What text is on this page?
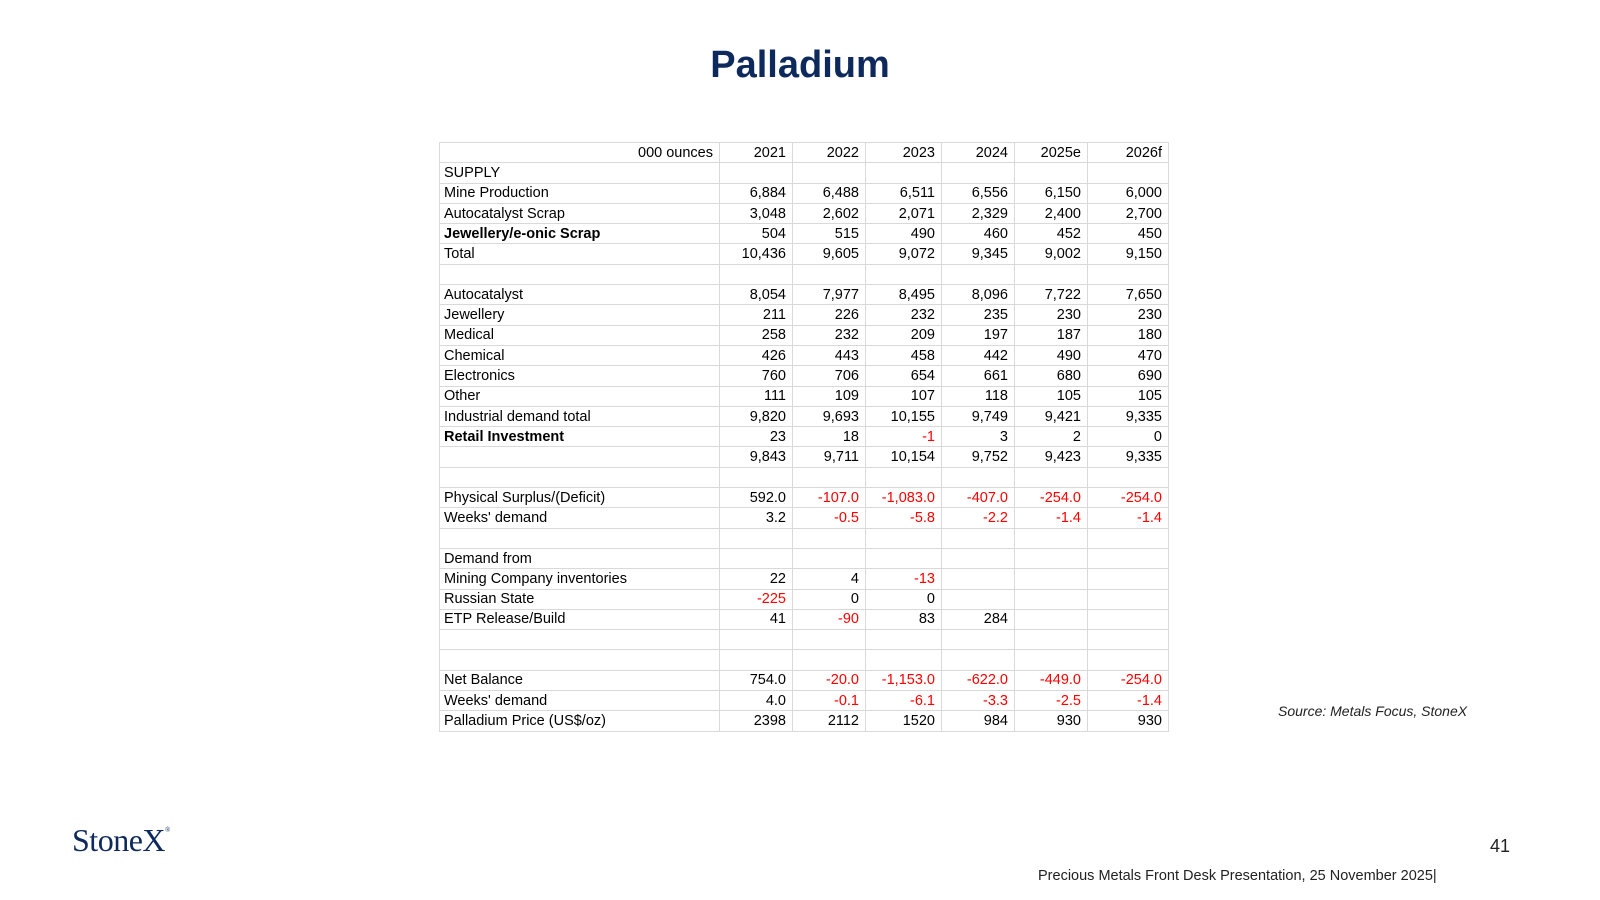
Palladium
000 ounces	2021	2022	2023	2024	2025e	2026f
SUPPLY						
Mine Production	6,884	6,488	6,511	6,556	6,150	6,000
Autocatalyst Scrap	3,048	2,602	2,071	2,329	2,400	2,700
Jewellery/e-onic Scrap	504	515	490	460	452	450
Total	10,436	9,605	9,072	9,345	9,002	9,150

Autocatalyst	8,054	7,977	8,495	8,096	7,722	7,650
Jewellery	211	226	232	235	230	230
Medical	258	232	209	197	187	180
Chemical	426	443	458	442	490	470
Electronics	760	706	654	661	680	690
Other	111	109	107	118	105	105
Industrial demand total	9,820	9,693	10,155	9,749	9,421	9,335
Retail Investment	23	18	-1	3	2	0
	9,843	9,711	10,154	9,752	9,423	9,335

Physical Surplus/(Deficit)	592.0	-107.0	-1,083.0	-407.0	-254.0	-254.0
Weeks' demand	3.2	-0.5	-5.8	-2.2	-1.4	-1.4

Demand from						
Mining Company inventories	22	4	-13			
Russian State	-225	0	0			
ETP Release/Build	41	-90	83	284		

Net Balance	754.0	-20.0	-1,153.0	-622.0	-449.0	-254.0
Weeks' demand	4.0	-0.1	-6.1	-3.3	-2.5	-1.4
Palladium Price (US$/oz)	2398	2112	1520	984	930	930
Source: Metals Focus, StoneX
StoneX®
41
Precious Metals Front Desk Presentation, 25 November 2025|
